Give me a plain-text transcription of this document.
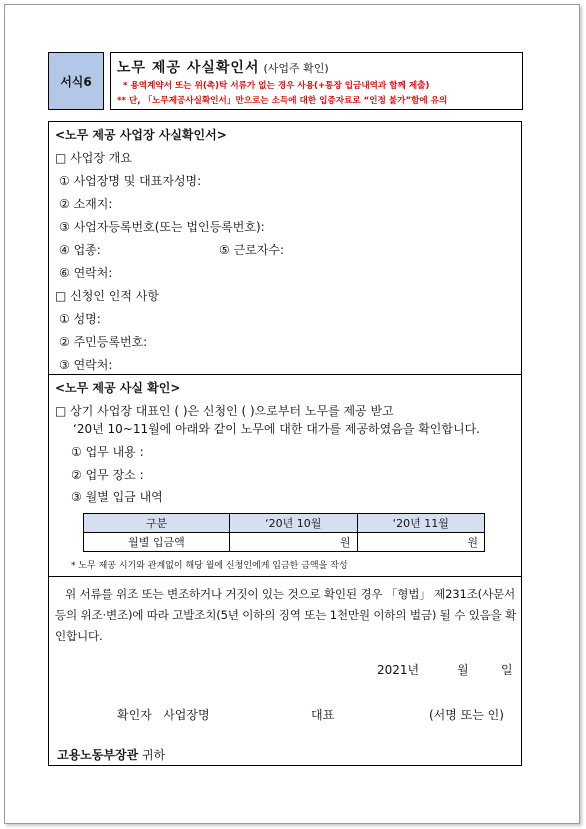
서식6
노무 제공 사실확인서 (사업주 확인)
* 용역계약서 또는 위(촉)탁 서류가 없는 경우 사용(+통장 입금내역과 함께 제출)
** 단, 「노무제공사실확인서」만으로는 소득에 대한 입증자료로 “인정 불가”함에 유의
<노무 제공 사업장 사실확인서>
□ 사업장 개요
① 사업장명 및 대표자성명:
② 소재지:
③ 사업자등록번호(또는 법인등록번호):
④ 업종:	⑤ 근로자수:
⑥ 연락처:
□ 신청인 인적 사항
① 성명:
② 주민등록번호:
③ 연락처:
<노무 제공 사실 확인>
□ 상기 사업장 대표인 ( )은 신청인 ( )으로부터 노무를 제공 받고
‘20년 10~11월에 아래와 같이 노무에 대한 대가를 제공하였음을 확인합니다.
① 업무 내용 :
② 업무 장소 :
③ 월별 입금 내역
구분	‘20년 10월	‘20년 11월
월별 입금액	원	원
* 노무 제공 시기와 관계없이 해당 월에 신청인에게 입금한 금액을 작성
위 서류를 위조 또는 변조하거나 거짓이 있는 것으로 확인된 경우 「형법」 제231조(사문서 등의 위조·변조)에 따라 고발조치(5년 이하의 징역 또는 1천만원 이하의 벌금) 될 수 있음을 확인합니다.
2021년	월	일
확인자   사업장명	대표	(서명 또는 인)
고용노동부장관 귀하
